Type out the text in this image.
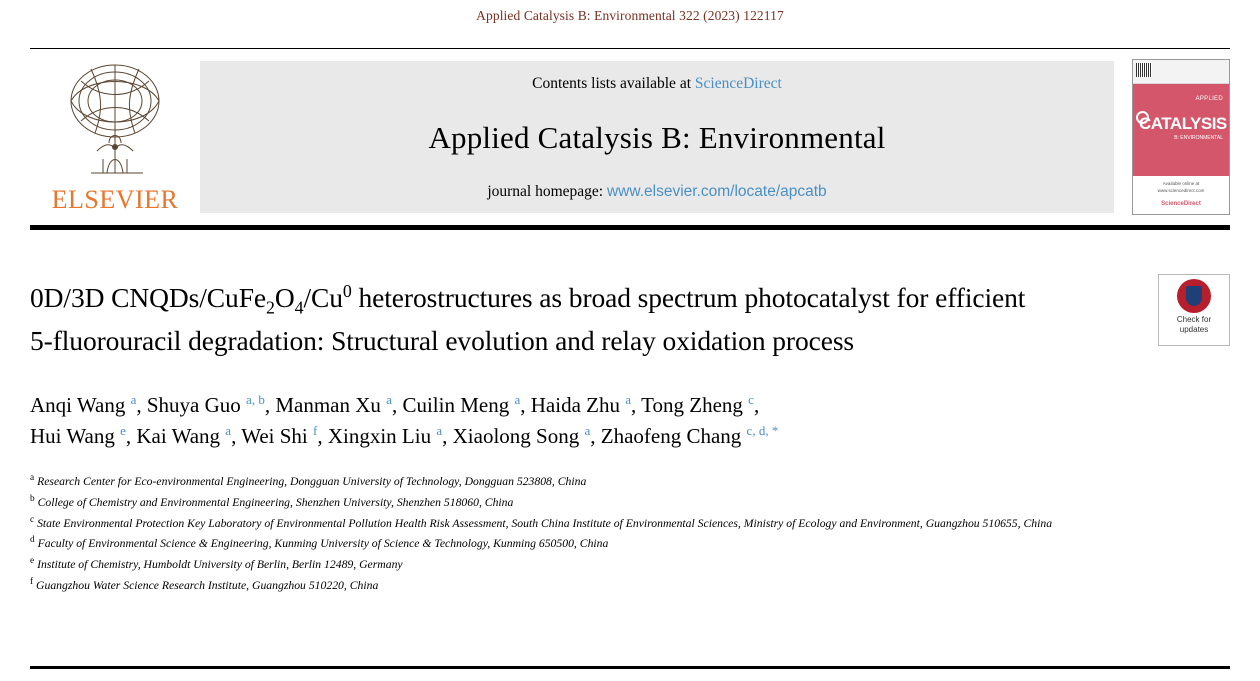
Applied Catalysis B: Environmental 322 (2023) 122117
ELSEVIER
Contents lists available at ScienceDirect
Applied Catalysis B: Environmental
journal homepage: www.elsevier.com/locate/apcatb
APPLIED
CATALYSIS
B: ENVIRONMENTAL
Available online at
www.sciencedirect.com
ScienceDirect
Check for
updates
0D/3D CNQDs/$CuFe_2O_4/Cu^0$ heterostructures as broad spectrum photocatalyst for efficient 5-fluorouracil degradation: Structural evolution and relay oxidation process
Anqi Wang $^a$, Shuya Guo $^{a, b}$, Manman Xu $^a$, Cuilin Meng $^a$, Haida Zhu $^a$, Tong Zheng $^c$,
Hui Wang $^e$, Kai Wang $^a$, Wei Shi $^f$, Xingxin Liu $^a$, Xiaolong Song $^a$, Zhaofeng Chang $^{c, d, *}$

$^a$ Research Center for Eco-environmental Engineering, Dongguan University of Technology, Dongguan 523808, China

$^b$ College of Chemistry and Environmental Engineering, Shenzhen University, Shenzhen 518060, China

$^c$ State Environmental Protection Key Laboratory of Environmental Pollution Health Risk Assessment, South China Institute of Environmental Sciences, Ministry of Ecology and Environment, Guangzhou 510655, China

$^d$ Faculty of Environmental Science & Engineering, Kunming University of Science & Technology, Kunming 650500, China

$^e$ Institute of Chemistry, Humboldt University of Berlin, Berlin 12489, Germany

$^f$ Guangzhou Water Science Research Institute, Guangzhou 510220, China
